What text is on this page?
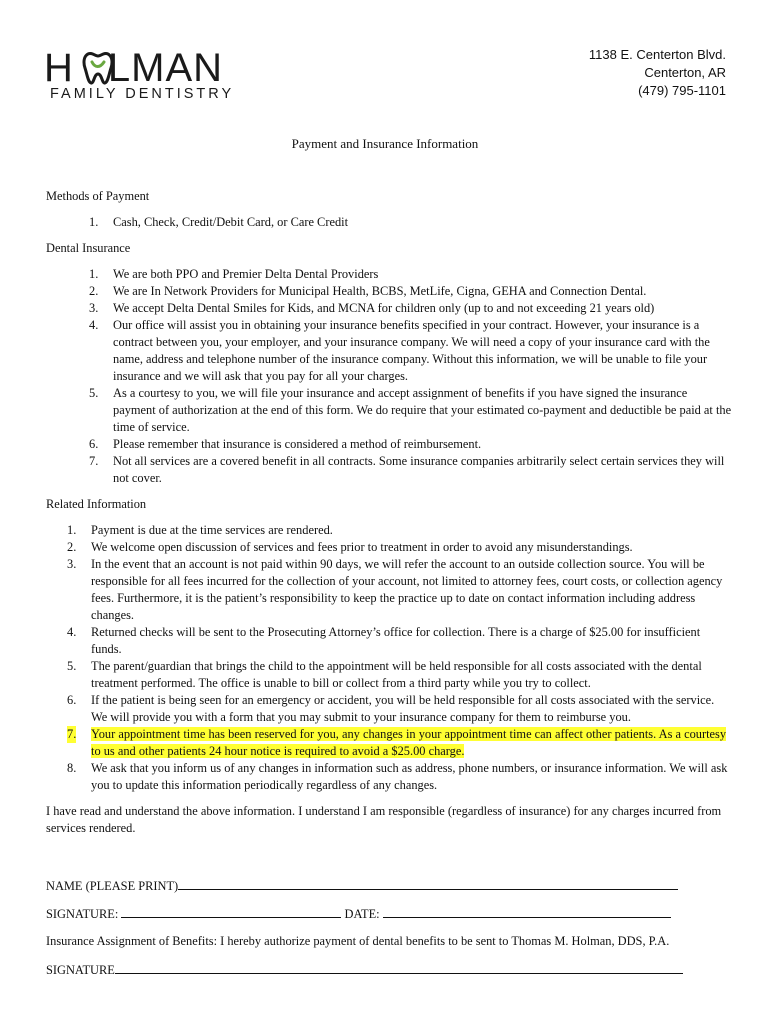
H LMAN
FAMILY DENTISTRY
1138 E. Centerton Blvd.
Centerton, AR
(479) 795-1101
Payment and Insurance Information
Methods of Payment
1. Cash, Check, Credit/Debit Card, or Care Credit
Dental Insurance
1. We are both PPO and Premier Delta Dental Providers
2. We are In Network Providers for Municipal Health, BCBS, MetLife, Cigna, GEHA and Connection Dental.
3. We accept Delta Dental Smiles for Kids, and MCNA for children only (up to and not exceeding 21 years old)
4. Our office will assist you in obtaining your insurance benefits specified in your contract. However, your insurance is a contract between you, your employer, and your insurance company. We will need a copy of your insurance card with the name, address and telephone number of the insurance company. Without this information, we will be unable to file your insurance and we will ask that you pay for all your charges.
5. As a courtesy to you, we will file your insurance and accept assignment of benefits if you have signed the insurance payment of authorization at the end of this form. We do require that your estimated co-payment and deductible be paid at the time of service.
6. Please remember that insurance is considered a method of reimbursement.
7. Not all services are a covered benefit in all contracts. Some insurance companies arbitrarily select certain services they will not cover.
Related Information
1. Payment is due at the time services are rendered.
2. We welcome open discussion of services and fees prior to treatment in order to avoid any misunderstandings.
3. In the event that an account is not paid within 90 days, we will refer the account to an outside collection source. You will be responsible for all fees incurred for the collection of your account, not limited to attorney fees, court costs, or collection agency fees. Furthermore, it is the patient’s responsibility to keep the practice up to date on contact information including address changes.
4. Returned checks will be sent to the Prosecuting Attorney’s office for collection. There is a charge of $25.00 for insufficient funds.
5. The parent/guardian that brings the child to the appointment will be held responsible for all costs associated with the dental treatment performed. The office is unable to bill or collect from a third party while you try to collect.
6. If the patient is being seen for an emergency or accident, you will be held responsible for all costs associated with the service. We will provide you with a form that you may submit to your insurance company for them to reimburse you.
7. Your appointment time has been reserved for you, any changes in your appointment time can affect other patients. As a courtesy to us and other patients 24 hour notice is required to avoid a $25.00 charge.
8. We ask that you inform us of any changes in information such as address, phone numbers, or insurance information. We will ask you to update this information periodically regardless of any changes.
I have read and understand the above information. I understand I am responsible (regardless of insurance) for any charges incurred from services rendered.
NAME (PLEASE PRINT)
SIGNATURE:	DATE:
Insurance Assignment of Benefits: I hereby authorize payment of dental benefits to be sent to Thomas M. Holman, DDS, P.A.
SIGNATURE
